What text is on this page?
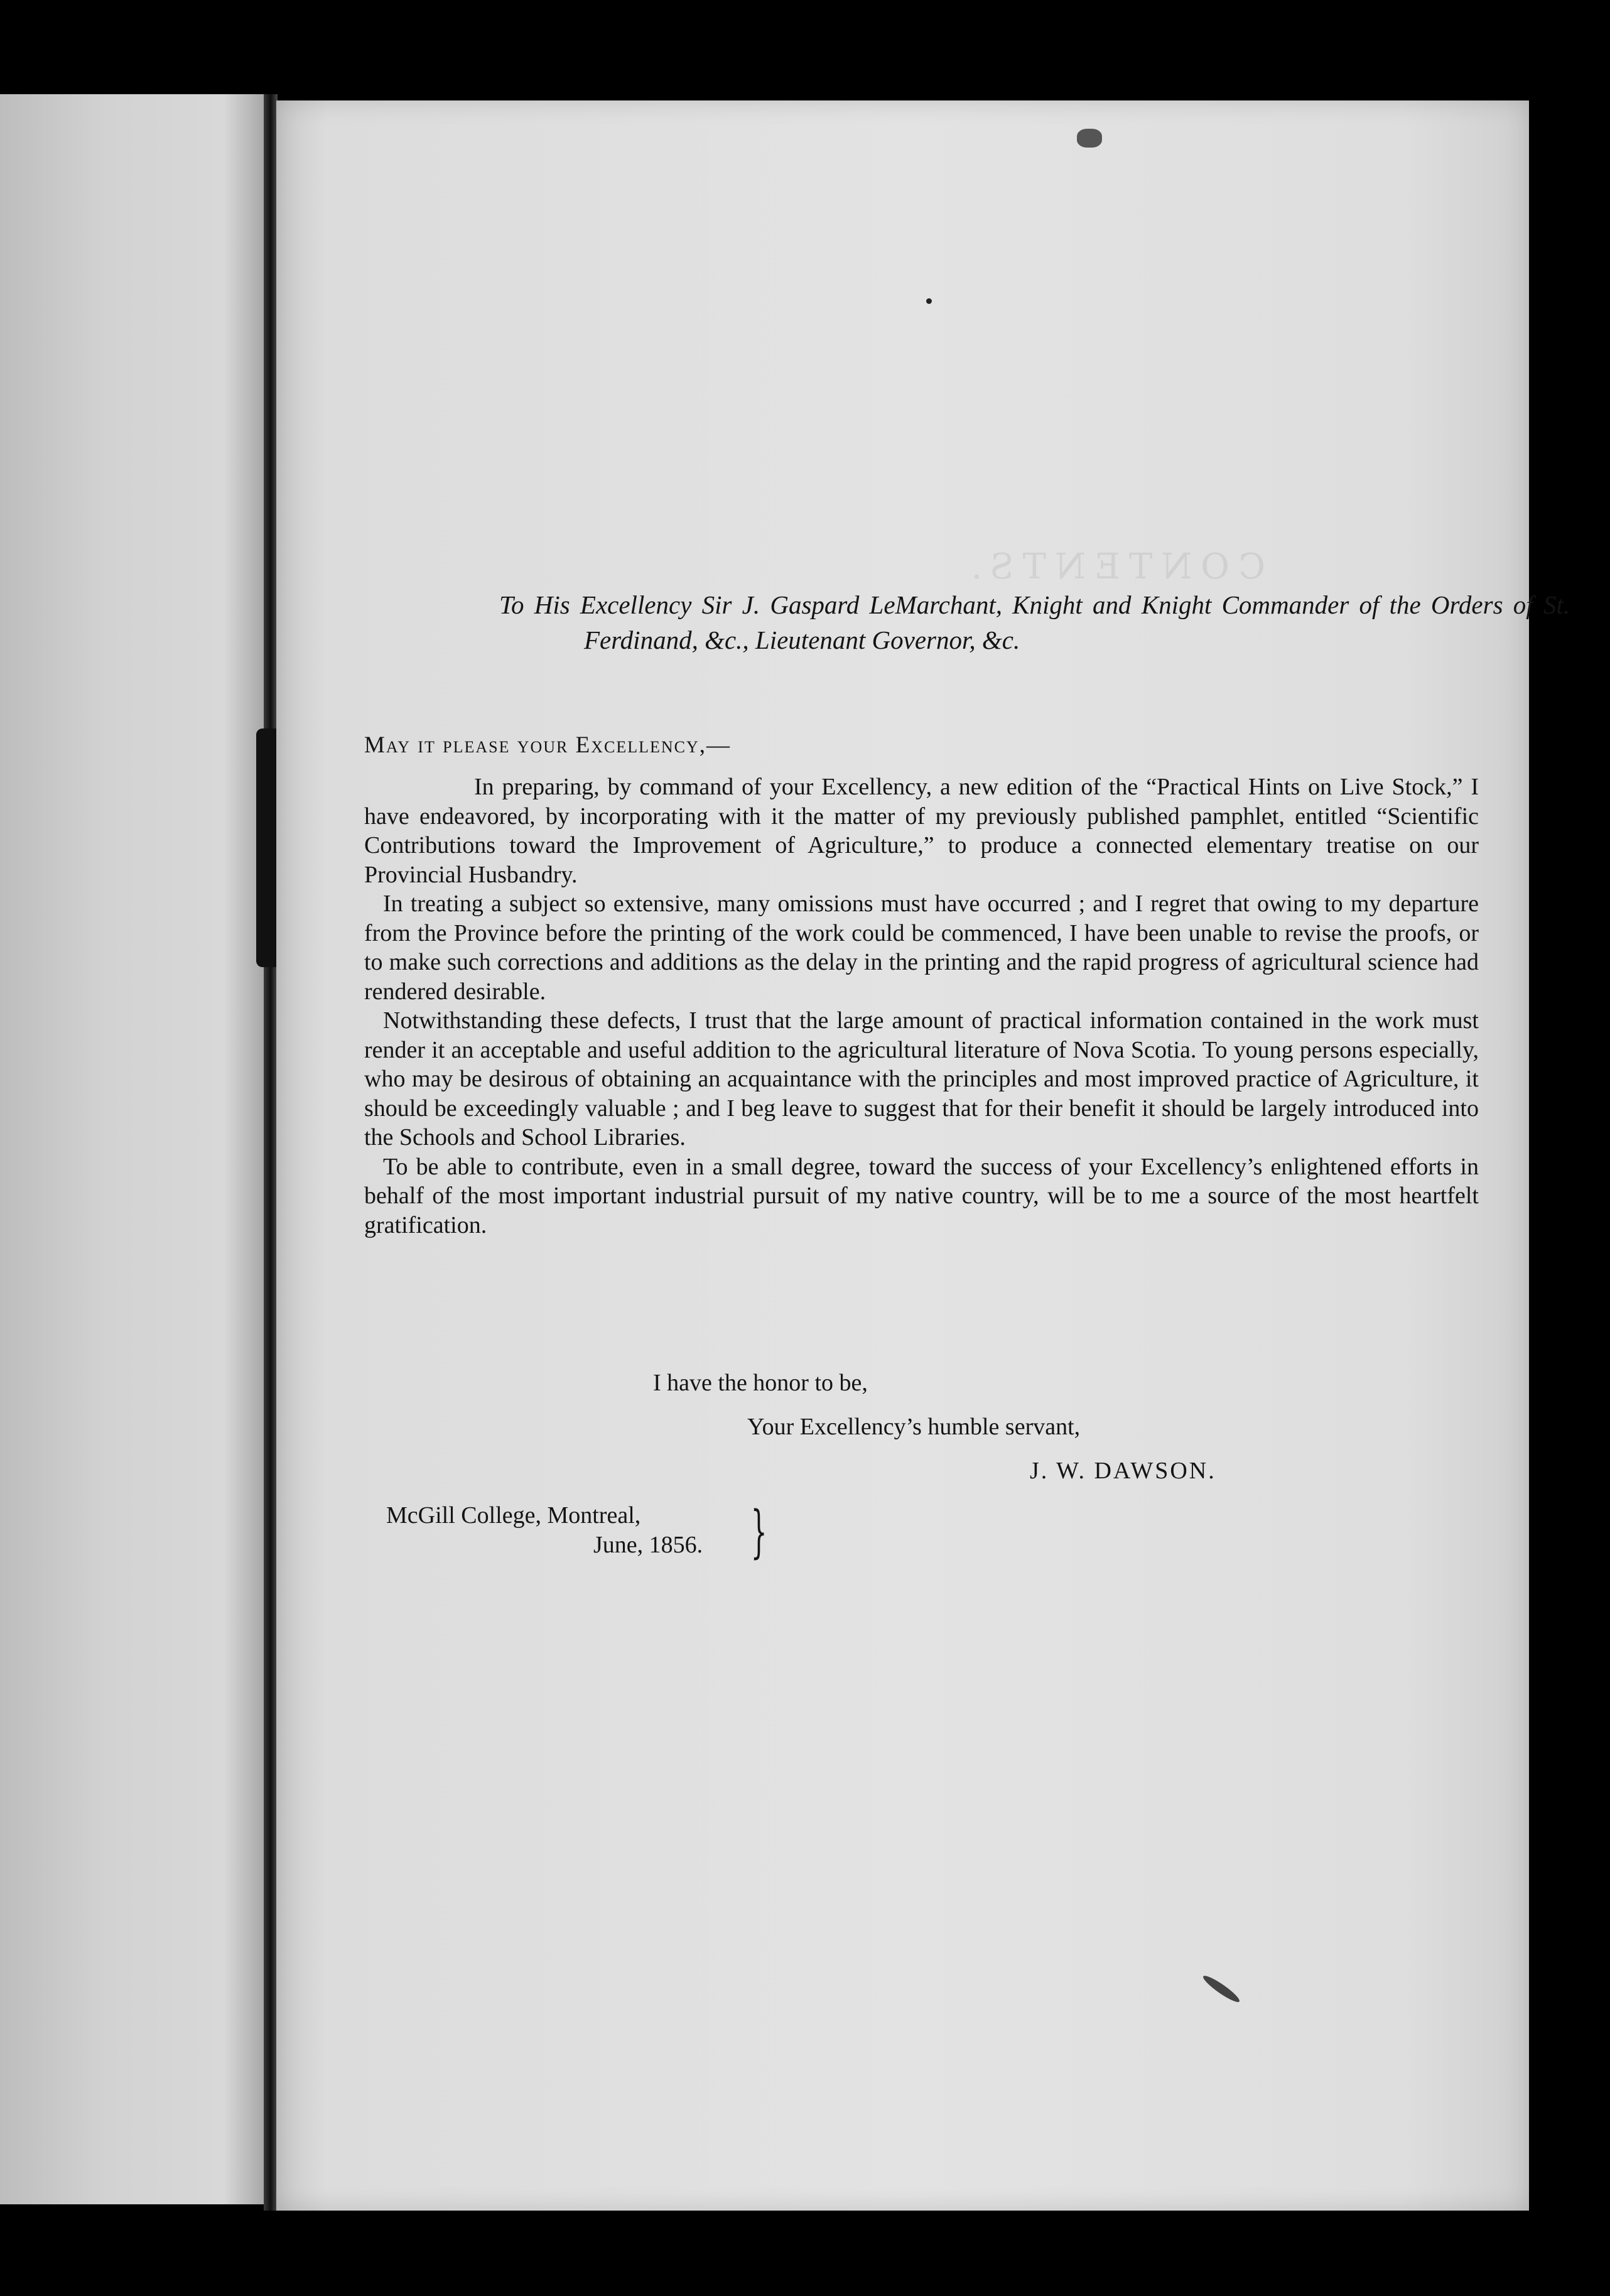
CONTENTS.
To His Excellency Sir J. Gaspard LeMarchant, Knight and Knight Commander of the Orders of St. Ferdinand, &c., Lieutenant Governor, &c.
May it please your Excellency,—

In preparing, by command of your Excellency, a new edition of the “Practical Hints on Live Stock,” I have endeavored, by incorporating with it the matter of my previously published pamphlet, entitled “Scientific Contributions toward the Improvement of Agriculture,” to produce a connected elementary treatise on our Provincial Husbandry.

In treating a subject so extensive, many omissions must have occurred ; and I regret that owing to my departure from the Province before the printing of the work could be commenced, I have been unable to revise the proofs, or to make such corrections and additions as the delay in the printing and the rapid progress of agricultural science had rendered desirable.

Notwithstanding these defects, I trust that the large amount of practical information contained in the work must render it an acceptable and useful addition to the agricultural literature of Nova Scotia. To young persons especially, who may be desirous of obtaining an acquaintance with the principles and most improved practice of Agriculture, it should be exceedingly valuable ; and I beg leave to suggest that for their benefit it should be largely introduced into the Schools and School Libraries.

To be able to contribute, even in a small degree, toward the success of your Excellency’s enlightened efforts in behalf of the most important industrial pursuit of my native country, will be to me a source of the most heartfelt gratification.

I have the honor to be,
Your Excellency’s humble servant,
J. W. DAWSON.
McGill College, Montreal,
June, 1856. }
